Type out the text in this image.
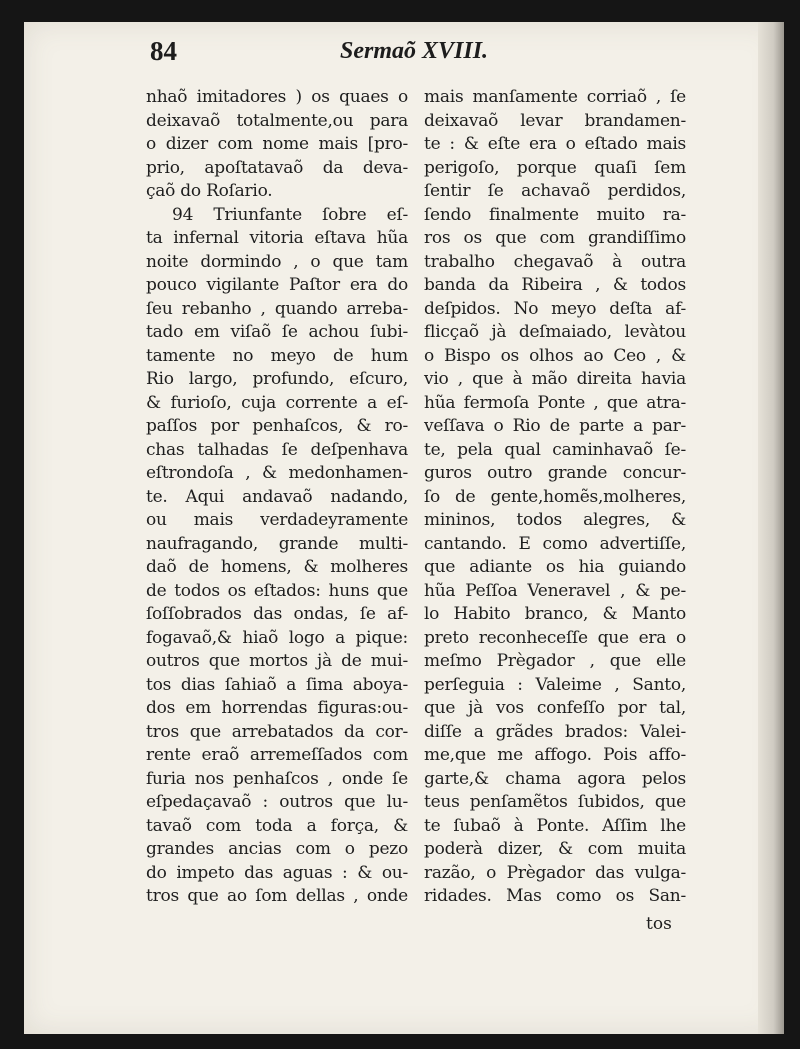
84	Sermaõ XVIII.
nhaõ imitadores ) os quaes o
deixavaõ totalmente,ou para
o dizer com nome mais [pro-
prio, apoſtatavaõ da deva-
çaõ do Roſario.
94 Triunfante ſobre eſ-
ta infernal vitoria eſtava hũa
noite dormindo , o que tam
pouco vigilante Paſtor era do
ſeu rebanho , quando arreba-
tado em viſaõ ſe achou ſubi-
tamente no meyo de hum
Rio largo, profundo, eſcuro,
& furioſo, cuja corrente a eſ-
paſſos por penhaſcos, & ro-
chas talhadas ſe deſpenhava
eſtrondoſa , & medonhamen-
te. Aqui andavaõ nadando,
ou mais verdadeyramente
naufragando, grande multi-
daõ de homens, & molheres
de todos os eſtados: huns que
ſoſſobrados das ondas, ſe af-
fogavaõ,& hiaõ logo a pique:
outros que mortos jà de mui-
tos dias ſahiaõ a ſima aboya-
dos em horrendas figuras:ou-
tros que arrebatados da cor-
rente eraõ arremeſſados com
furia nos penhaſcos , onde ſe
eſpedaçavaõ : outros que lu-
tavaõ com toda a força, &
grandes ancias com o pezo
do impeto das aguas : & ou-
tros que ao ſom dellas , onde
mais manſamente corriaõ , ſe
deixavaõ levar brandamen-
te : & eſte era o eſtado mais
perigoſo, porque quaſi ſem
ſentir ſe achavaõ perdidos,
ſendo finalmente muito ra-
ros os que com grandiſſimo
trabalho chegavaõ à outra
banda da Ribeira , & todos
deſpidos. No meyo deſta af-
flicçaõ jà deſmaiado, levàtou
o Bispo os olhos ao Ceo , &
vio , que à mão direita havia
hũa fermoſa Ponte , que atra-
veſſava o Rio de parte a par-
te, pela qual caminhavaõ ſe-
guros outro grande concur-
ſo de gente,homẽs,molheres,
mininos, todos alegres, &
cantando. E como advertiſſe,
que adiante os hia guiando
hũa Peſſoa Veneravel , & pe-
lo Habito branco, & Manto
preto reconheceſſe que era o
meſmo Prègador , que elle
perſeguia : Valeime , Santo,
que jà vos confeſſo por tal,
diſſe a grãdes brados: Valei-
me,que me affogo. Pois affo-
garte,& chama agora pelos
teus penſamẽtos ſubidos, que
te ſubaõ à Ponte. Aſſim lhe
poderà dizer, & com muita
razão, o Prègador das vulga-
ridades. Mas como os San-
tos
